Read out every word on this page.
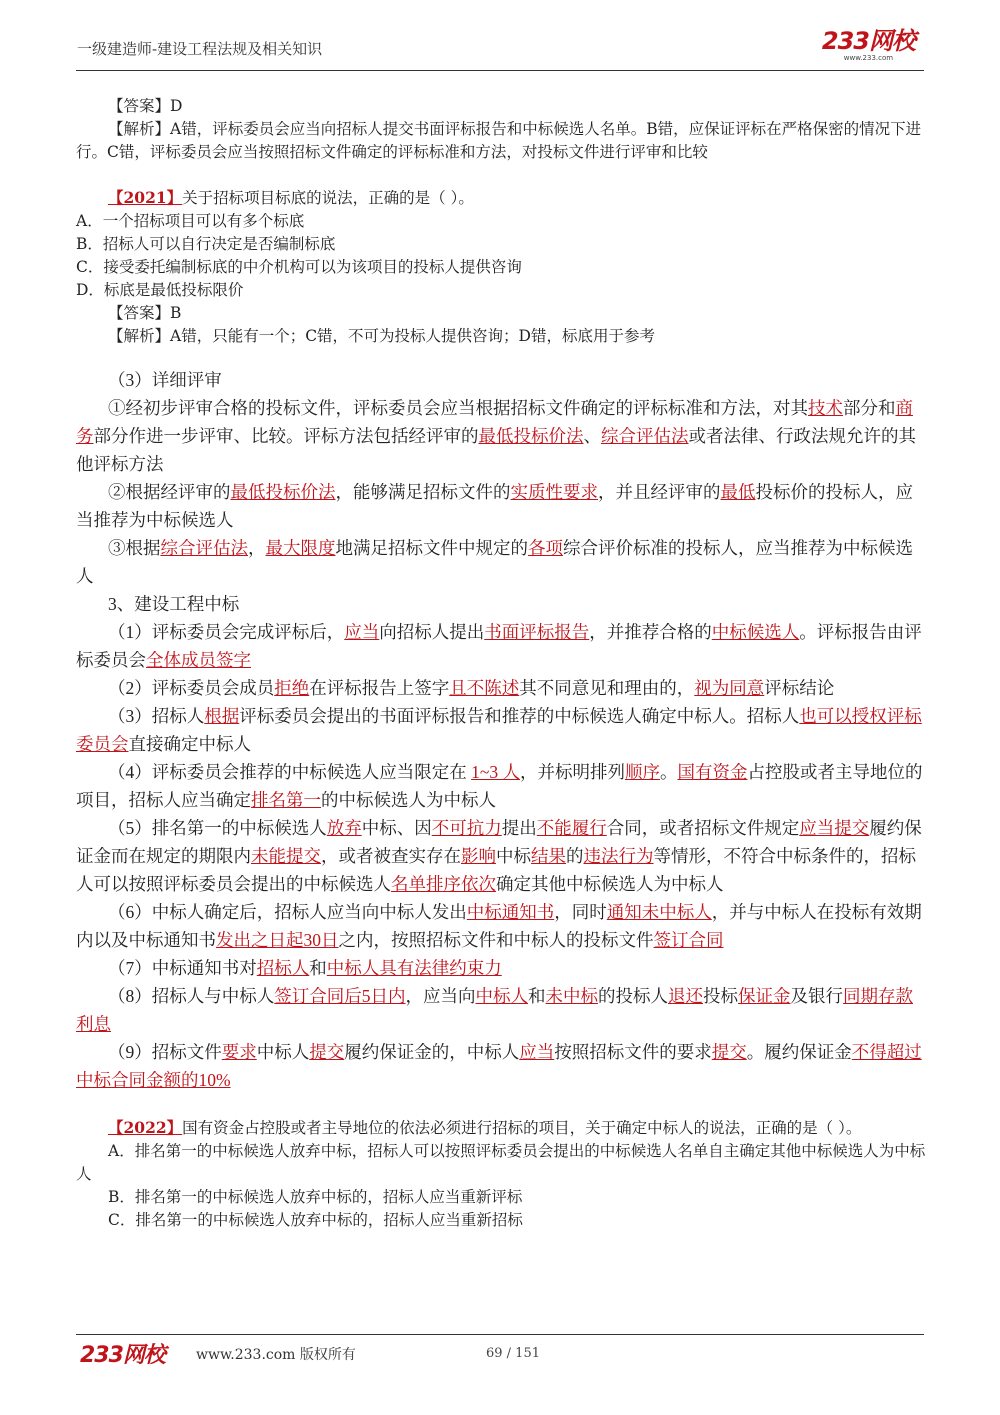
一级建造师-建设工程法规及相关知识	233网校
www.233.com

【答案】D

【解析】A错，评标委员会应当向招标人提交书面评标报告和中标候选人名单。B错，应保证评标在严格保密的情况下进行。C错，评标委员会应当按照招标文件确定的评标标准和方法，对投标文件进行评审和比较

【2021】关于招标项目标底的说法，正确的是（ ）。

A．一个招标项目可以有多个标底

B．招标人可以自行决定是否编制标底

C．接受委托编制标底的中介机构可以为该项目的投标人提供咨询

D．标底是最低投标限价

【答案】B

【解析】A错，只能有一个；C错，不可为投标人提供咨询；D错，标底用于参考

（3）详细评审

①经初步评审合格的投标文件，评标委员会应当根据招标文件确定的评标标准和方法，对其技术部分和商务部分作进一步评审、比较。评标方法包括经评审的最低投标价法、综合评估法或者法律、行政法规允许的其他评标方法

②根据经评审的最低投标价法，能够满足招标文件的实质性要求，并且经评审的最低投标价的投标人，应当推荐为中标候选人

③根据综合评估法，最大限度地满足招标文件中规定的各项综合评价标准的投标人，应当推荐为中标候选人

3、建设工程中标

（1）评标委员会完成评标后，应当向招标人提出书面评标报告，并推荐合格的中标候选人。评标报告由评标委员会全体成员签字

（2）评标委员会成员拒绝在评标报告上签字且不陈述其不同意见和理由的，视为同意评标结论

（3）招标人根据评标委员会提出的书面评标报告和推荐的中标候选人确定中标人。招标人也可以授权评标委员会直接确定中标人

（4）评标委员会推荐的中标候选人应当限定在 1~3 人，并标明排列顺序。国有资金占控股或者主导地位的项目，招标人应当确定排名第一的中标候选人为中标人

（5）排名第一的中标候选人放弃中标、因不可抗力提出不能履行合同，或者招标文件规定应当提交履约保证金而在规定的期限内未能提交，或者被查实存在影响中标结果的违法行为等情形，不符合中标条件的，招标人可以按照评标委员会提出的中标候选人名单排序依次确定其他中标候选人为中标人

（6）中标人确定后，招标人应当向中标人发出中标通知书，同时通知未中标人，并与中标人在投标有效期内以及中标通知书发出之日起30日之内，按照招标文件和中标人的投标文件签订合同

（7）中标通知书对招标人和中标人具有法律约束力

（8）招标人与中标人签订合同后5日内，应当向中标人和未中标的投标人退还投标保证金及银行同期存款利息

（9）招标文件要求中标人提交履约保证金的，中标人应当按照招标文件的要求提交。履约保证金不得超过中标合同金额的10%

【2022】国有资金占控股或者主导地位的依法必须进行招标的项目，关于确定中标人的说法，正确的是（ ）。

A．排名第一的中标候选人放弃中标，招标人可以按照评标委员会提出的中标候选人名单自主确定其他中标候选人为中标人

B．排名第一的中标候选人放弃中标的，招标人应当重新评标

C．排名第一的中标候选人放弃中标的，招标人应当重新招标

233网校 www.233.com 版权所有	69 / 151
